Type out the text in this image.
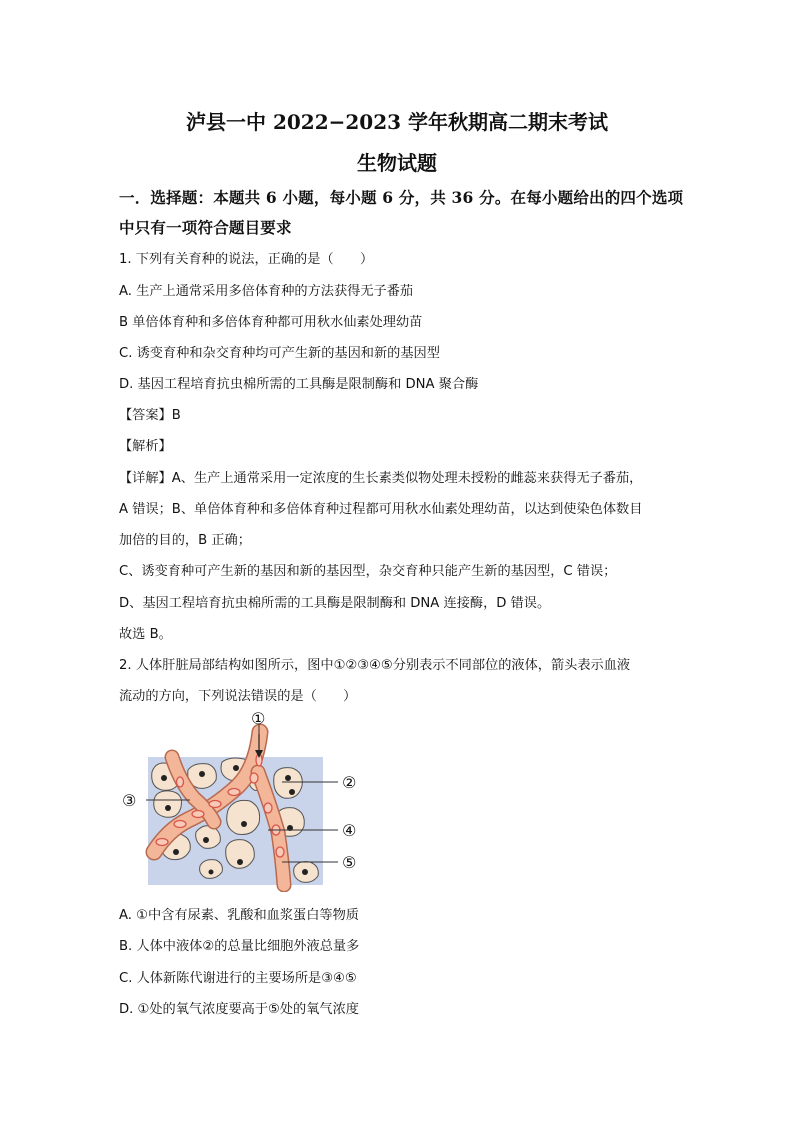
泸县一中 2022−2023 学年秋期高二期末考试
生物试题
一．选择题：本题共 6 小题，每小题 6 分，共 36 分。在每小题给出的四个选项
中只有一项符合题目要求
1. 下列有关育种的说法，正确的是（　　）
A. 生产上通常采用多倍体育种的方法获得无子番茄
B 单倍体育种和多倍体育种都可用秋水仙素处理幼苗
C. 诱变育种和杂交育种均可产生新的基因和新的基因型
D. 基因工程培育抗虫棉所需的工具酶是限制酶和 DNA 聚合酶
【答案】B
【解析】
【详解】A、生产上通常采用一定浓度的生长素类似物处理未授粉的雌蕊来获得无子番茄，
A 错误；B、单倍体育种和多倍体育种过程都可用秋水仙素处理幼苗，以达到使染色体数目
加倍的目的，B 正确；
C、诱变育种可产生新的基因和新的基因型，杂交育种只能产生新的基因型，C 错误；
D、基因工程培育抗虫棉所需的工具酶是限制酶和 DNA 连接酶，D 错误。
故选 B。
2. 人体肝脏局部结构如图所示，图中①②③④⑤分别表示不同部位的液体，箭头表示血液
流动的方向，下列说法错误的是（　　）
①
②
③
④
⑤
A. ①中含有尿素、乳酸和血浆蛋白等物质
B. 人体中液体②的总量比细胞外液总量多
C. 人体新陈代谢进行的主要场所是③④⑤
D. ①处的氧气浓度要高于⑤处的氧气浓度
